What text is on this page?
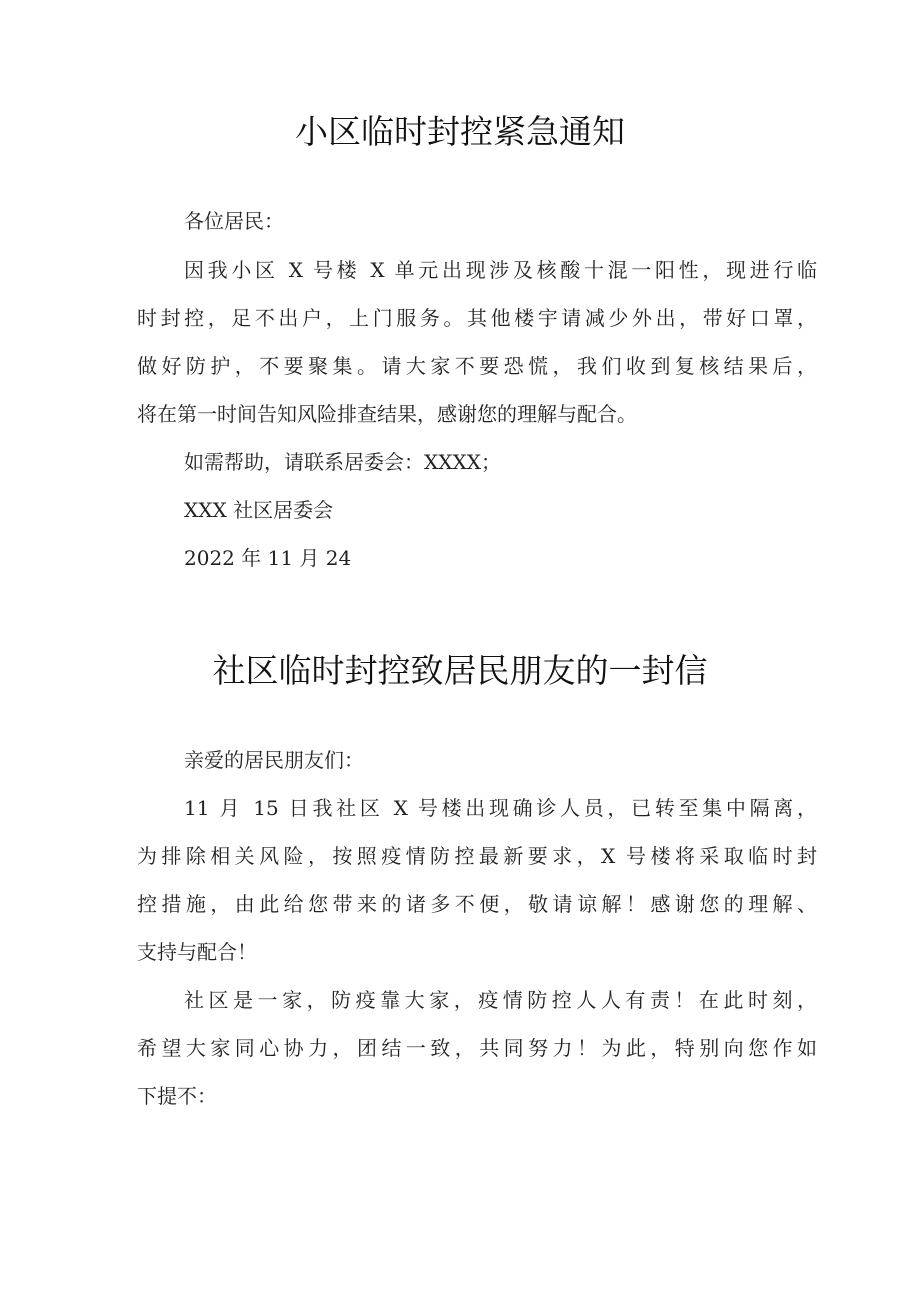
小区临时封控紧急通知

各位居民：

因我小区 X 号楼 X 单元出现涉及核酸十混一阳性，现进行临

时封控，足不出户，上门服务。其他楼宇请减少外出，带好口罩，

做好防护，不要聚集。请大家不要恐慌，我们收到复核结果后，

将在第一时间告知风险排查结果，感谢您的理解与配合。

如需帮助，请联系居委会：XXXX；

XXX 社区居委会

2022 年 11 月 24

社区临时封控致居民朋友的一封信

亲爱的居民朋友们：

11 月 15 日我社区 X 号楼出现确诊人员，已转至集中隔离，

为排除相关风险，按照疫情防控最新要求，X 号楼将采取临时封

控措施，由此给您带来的诸多不便，敬请谅解！感谢您的理解、

支持与配合！

社区是一家，防疫靠大家，疫情防控人人有责！在此时刻，

希望大家同心协力，团结一致，共同努力！为此，特别向您作如

下提不：
